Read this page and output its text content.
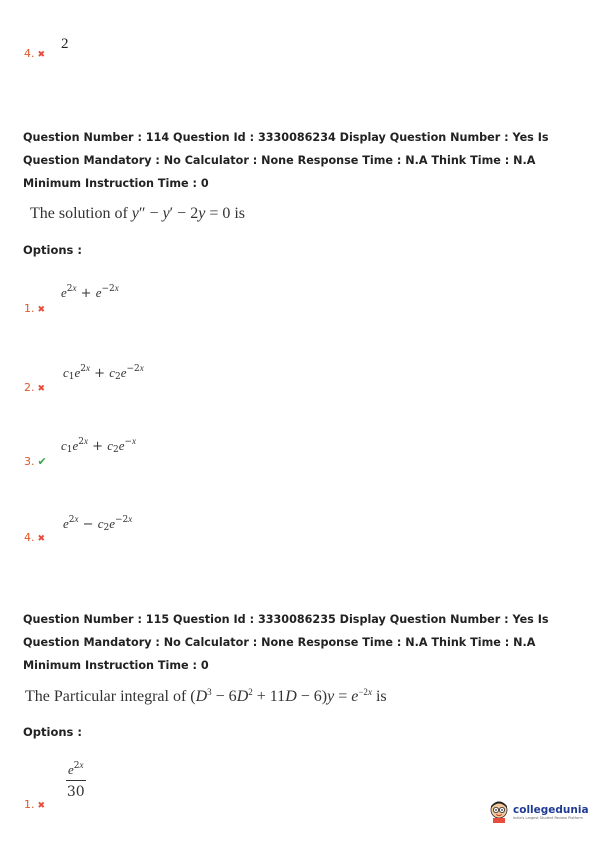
4. ✖
2
Question Number : 114 Question Id : 3330086234 Display Question Number : Yes Is Question Mandatory : No Calculator : None Response Time : N.A Think Time : N.A Minimum Instruction Time : 0
The solution of y″ − y′ − 2y = 0 is
Options :
$e^{2x} + e^{-2x}$
1. ✖
$c_1e^{2x} + c_2e^{-2x}$
2. ✖
$c_1e^{2x} + c_2e^{-x}$
3. ✔
$e^{2x} - c_2e^{-2x}$
4. ✖
Question Number : 115 Question Id : 3330086235 Display Question Number : Yes Is Question Mandatory : No Calculator : None Response Time : N.A Think Time : N.A Minimum Instruction Time : 0
The Particular integral of $(D^3 - 6D^2 + 11D - 6)y = e^{-2x}$ is
Options :
$\frac{e^{2x}}{30}$
1. ✖	collegedunia
India's Largest Student Review Platform
